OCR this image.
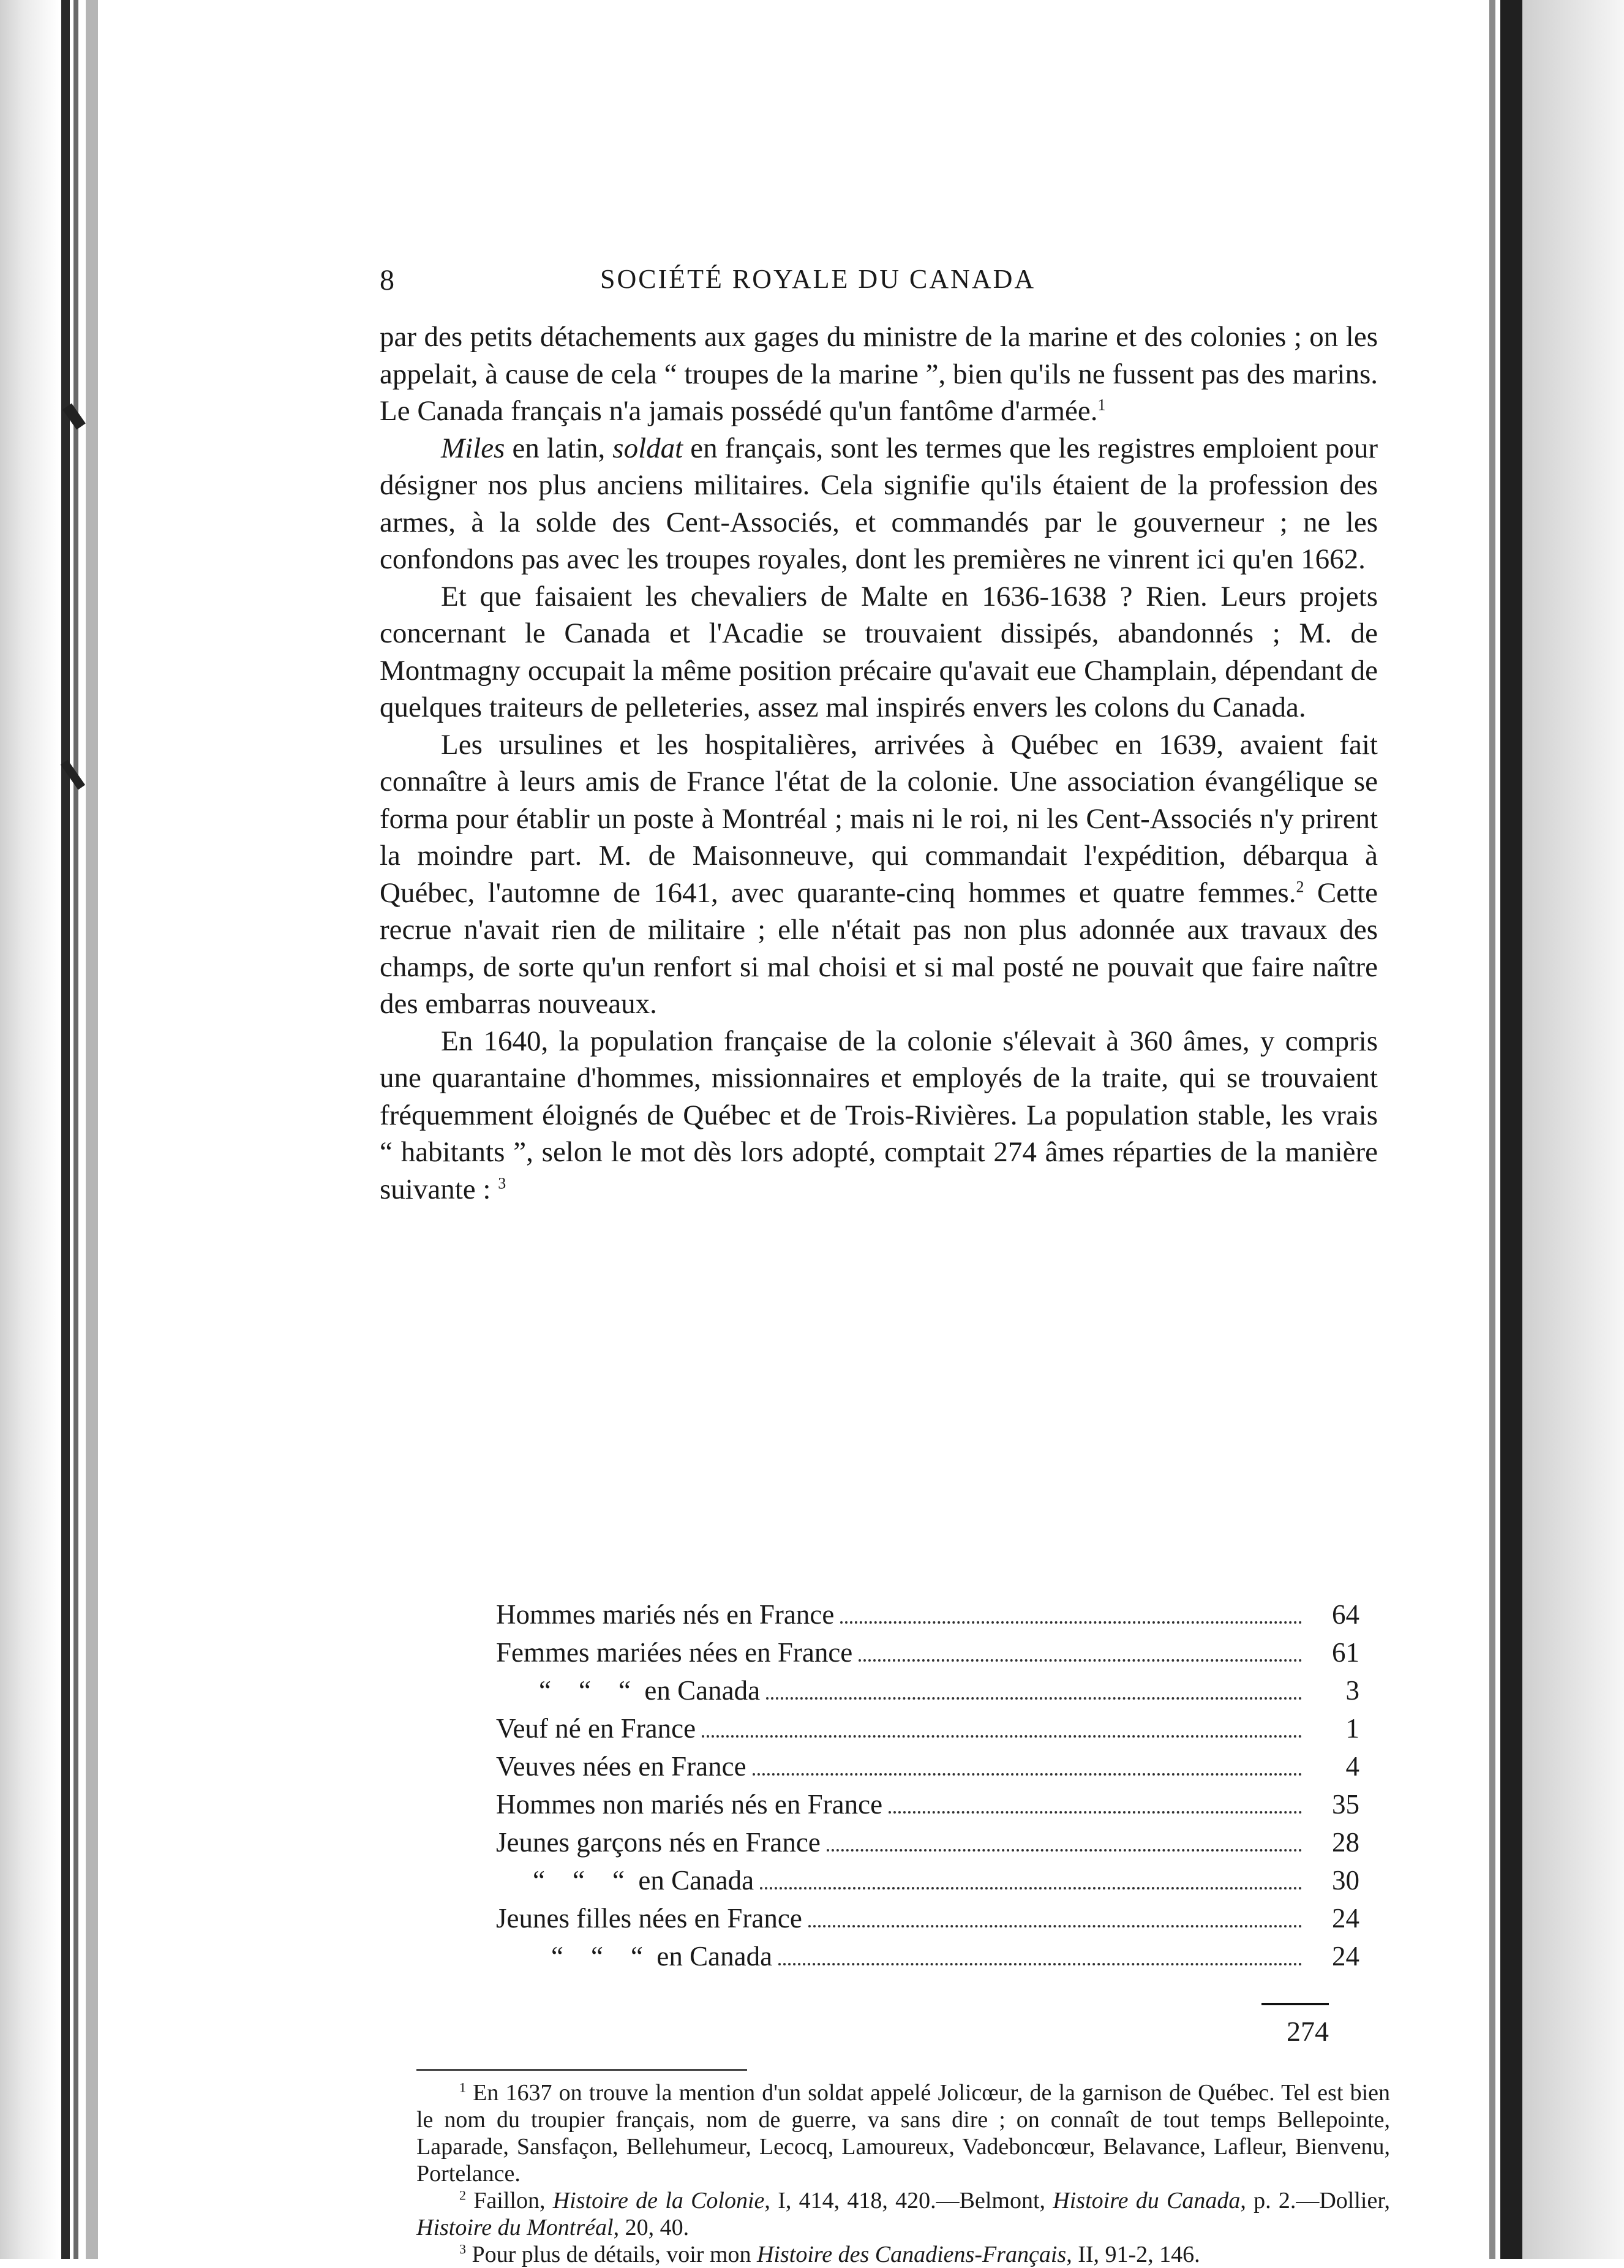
8	SOCIÉTÉ ROYALE DU CANADA

par des petits détachements aux gages du ministre de la marine et des colonies ; on les appelait, à cause de cela “ troupes de la marine ”, bien qu'ils ne fussent pas des marins. Le Canada français n'a jamais possédé qu'un fantôme d'armée.$^1$

Miles en latin, soldat en français, sont les termes que les registres emploient pour désigner nos plus anciens militaires. Cela signifie qu'ils étaient de la profession des armes, à la solde des Cent-Associés, et commandés par le gouverneur ; ne les confondons pas avec les troupes royales, dont les premières ne vinrent ici qu'en 1662.

Et que faisaient les chevaliers de Malte en 1636-1638 ? Rien. Leurs projets concernant le Canada et l'Acadie se trouvaient dissipés, abandonnés ; M. de Montmagny occupait la même position précaire qu'avait eue Champlain, dépendant de quelques traiteurs de pelleteries, assez mal inspirés envers les colons du Canada.

Les ursulines et les hospitalières, arrivées à Québec en 1639, avaient fait connaître à leurs amis de France l'état de la colonie. Une association évangélique se forma pour établir un poste à Montréal ; mais ni le roi, ni les Cent-Associés n'y prirent la moindre part. M. de Maisonneuve, qui commandait l'expédition, débarqua à Québec, l'automne de 1641, avec quarante-cinq hommes et quatre femmes.$^2$ Cette recrue n'avait rien de militaire ; elle n'était pas non plus adonnée aux travaux des champs, de sorte qu'un renfort si mal choisi et si mal posté ne pouvait que faire naître des embarras nouveaux.

En 1640, la population française de la colonie s'élevait à 360 âmes, y compris une quarantaine d'hommes, missionnaires et employés de la traite, qui se trouvaient fréquemment éloignés de Québec et de Trois-Rivières. La population stable, les vrais “ habitants ”, selon le mot dès lors adopté, comptait 274 âmes réparties de la manière suivante : $^3$

Hommes mariés nés en France	64
Femmes mariées nées en France	61
“    “    “  en Canada	3
Veuf né en France	1
Veuves nées en France	4
Hommes non mariés nés en France	35
Jeunes garçons nés en France	28
“    “    “  en Canada	30
Jeunes filles nées en France	24
“    “    “  en Canada	24
274

$^1$ En 1637 on trouve la mention d'un soldat appelé Jolicœur, de la garnison de Québec. Tel est bien le nom du troupier français, nom de guerre, va sans dire ; on connaît de tout temps Bellepointe, Laparade, Sansfaçon, Bellehumeur, Lecocq, Lamoureux, Vadeboncœur, Belavance, Lafleur, Bienvenu, Portelance.

$^2$ Faillon, Histoire de la Colonie, I, 414, 418, 420.—Belmont, Histoire du Canada, p. 2.—Dollier, Histoire du Montréal, 20, 40.

$^3$ Pour plus de détails, voir mon Histoire des Canadiens-Français, II, 91-2, 146.
